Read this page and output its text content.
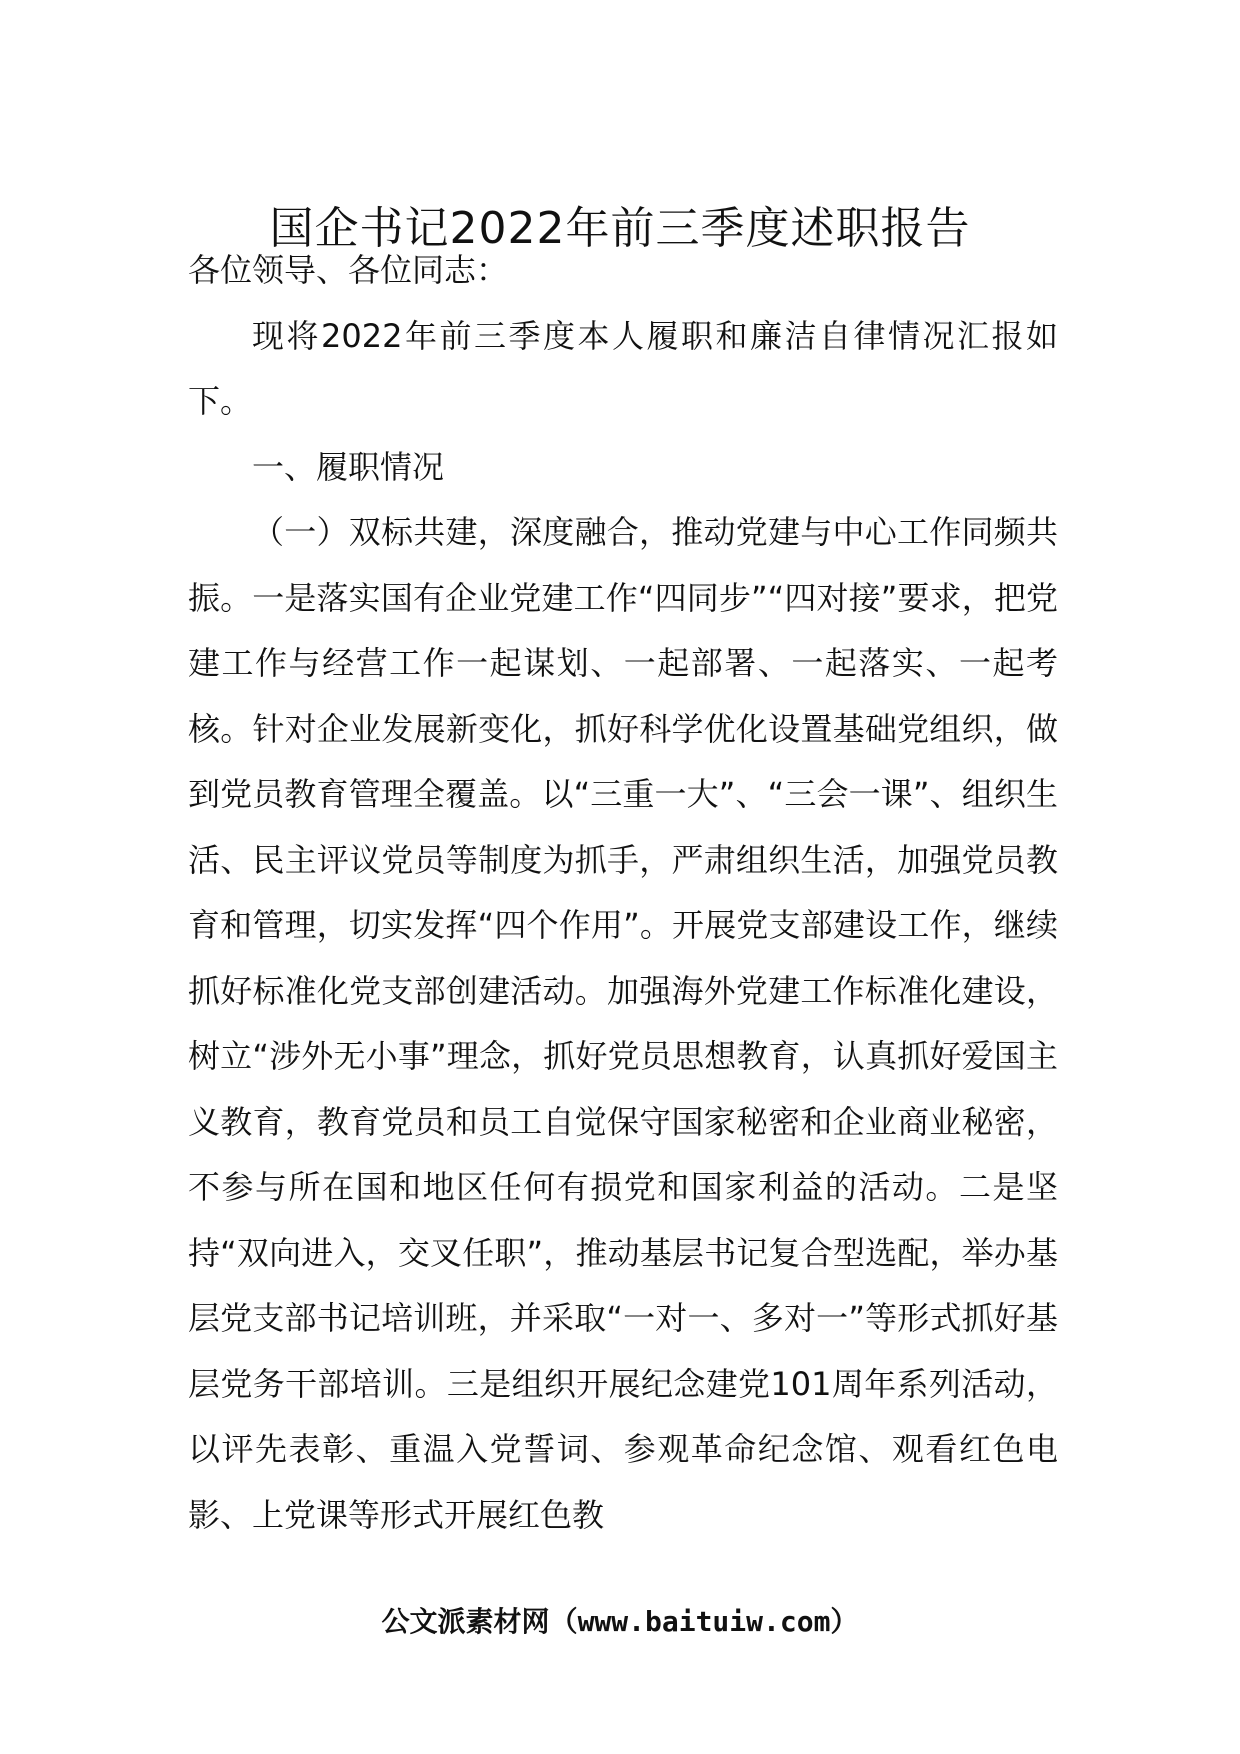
国企书记2022年前三季度述职报告

各位领导、各位同志：

现将2022年前三季度本人履职和廉洁自律情况汇报如下。

一、履职情况

（一）双标共建，深度融合，推动党建与中心工作同频共振。一是落实国有企业党建工作“四同步”“四对接”要求，把党建工作与经营工作一起谋划、一起部署、一起落实、一起考核。针对企业发展新变化，抓好科学优化设置基础党组织，做到党员教育管理全覆盖。以“三重一大”、“三会一课”、组织生活、民主评议党员等制度为抓手，严肃组织生活，加强党员教育和管理，切实发挥“四个作用”。开展党支部建设工作，继续抓好标准化党支部创建活动。加强海外党建工作标准化建设，树立“涉外无小事”理念，抓好党员思想教育，认真抓好爱国主义教育，教育党员和员工自觉保守国家秘密和企业商业秘密，不参与所在国和地区任何有损党和国家利益的活动。二是坚持“双向进入，交叉任职”，推动基层书记复合型选配，举办基层党支部书记培训班，并采取“一对一、多对一”等形式抓好基层党务干部培训。三是组织开展纪念建党101周年系列活动，以评先表彰、重温入党誓词、参观革命纪念馆、观看红色电影、上党课等形式开展红色教

公文派素材网（www.baituiw.com）
